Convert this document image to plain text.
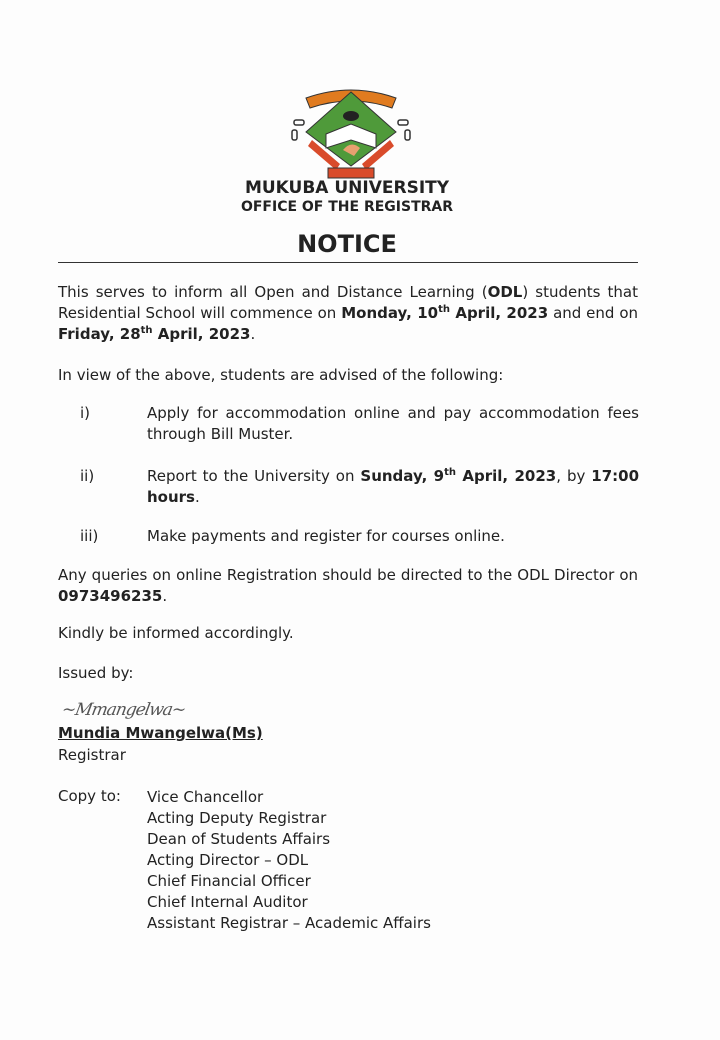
MUKUBA UNIVERSITY
OFFICE OF THE REGISTRAR
NOTICE
This serves to inform all Open and Distance Learning (ODL) students that Residential School will commence on Monday, 10th April, 2023 and end on Friday, 28th April, 2023.
In view of the above, students are advised of the following:
i)	Apply for accommodation online and pay accommodation fees through Bill Muster.
ii)	Report to the University on Sunday, 9th April, 2023, by 17:00 hours.
iii)	Make payments and register for courses online.
Any queries on online Registration should be directed to the ODL Director on 0973496235.
Kindly be informed accordingly.
Issued by:
~Mmangelwa~
Mundia Mwangelwa(Ms)
Registrar
Copy to: Vice Chancellor
Acting Deputy Registrar
Dean of Students Affairs
Acting Director – ODL
Chief Financial Officer
Chief Internal Auditor
Assistant Registrar – Academic Affairs
